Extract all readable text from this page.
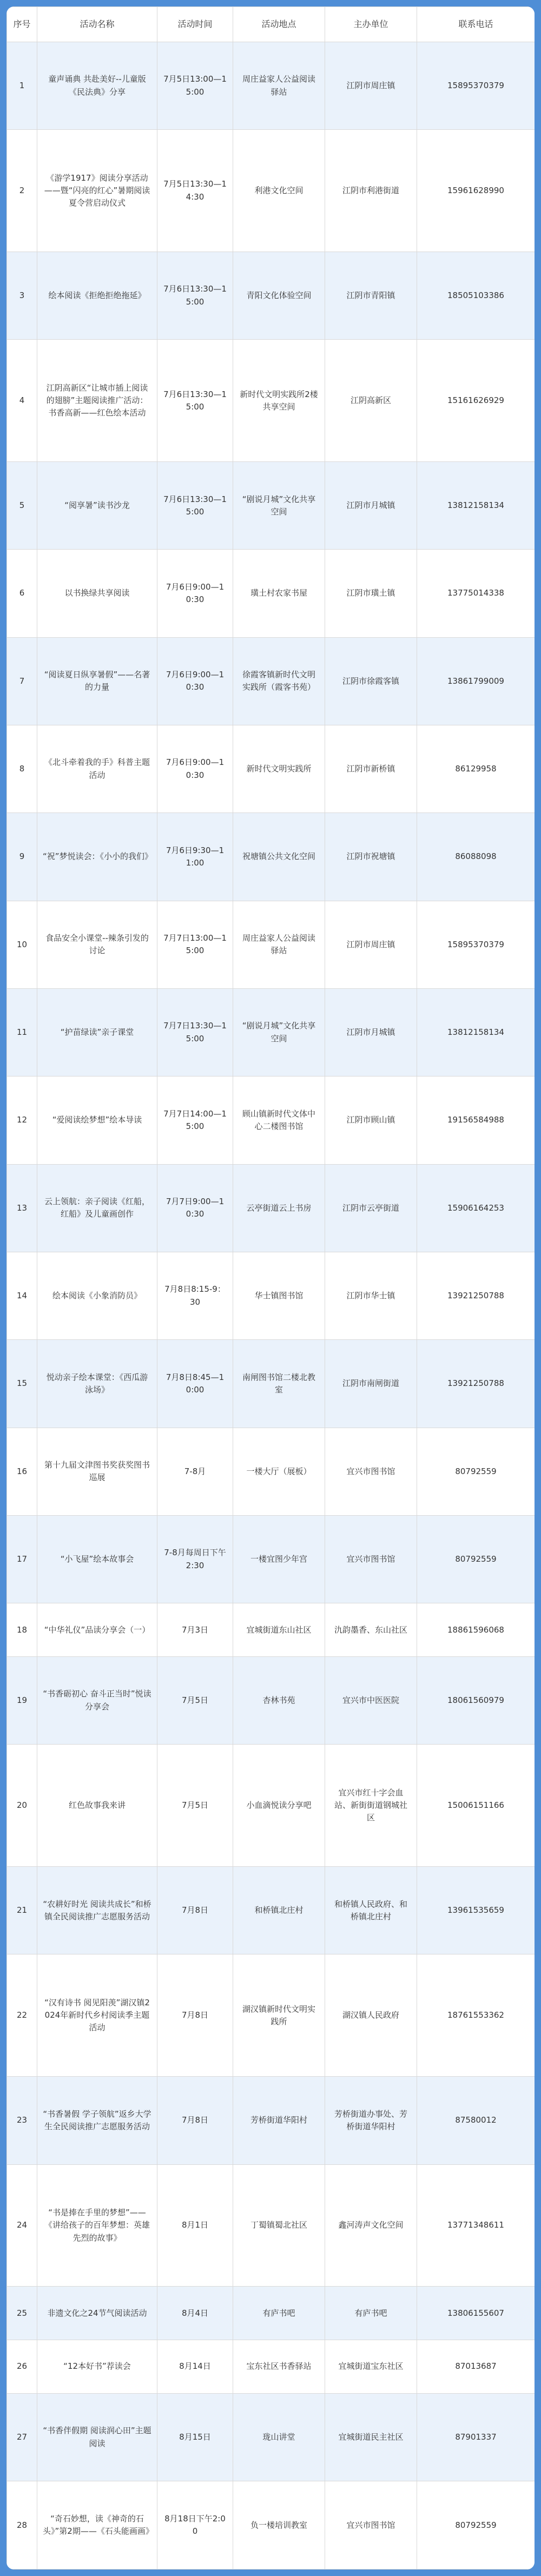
序号	活动名称	活动时间	活动地点	主办单位	联系电话
1	童声诵典 共赴美好--儿童版《民法典》分享	7月5日13:00—15:00	周庄益家人公益阅读驿站	江阴市周庄镇	15895370379
2	《游学1917》阅读分享活动——暨“闪亮的红心”暑期阅读夏令营启动仪式	7月5日13:30—14:30	利港文化空间	江阴市利港街道	15961628990
3	绘本阅读《拒绝拒绝拖延》	7月6日13:30—15:00	青阳文化体验空间	江阴市青阳镇	18505103386
4	江阴高新区“让城市插上阅读的翅膀”主题阅读推广活动：书香高新——红色绘本活动	7月6日13:30—15:00	新时代文明实践所2楼共享空间	江阴高新区	15161626929
5	“阅享暑”读书沙龙	7月6日13:30—15:00	“剧说月城”文化共享空间	江阴市月城镇	13812158134
6	以书换绿共享阅读	7月6日9:00—10:30	璜土村农家书屋	江阴市璜土镇	13775014338
7	“阅读夏日纵享暑假”——名著的力量	7月6日9:00—10:30	徐霞客镇新时代文明实践所（霞客书苑）	江阴市徐霞客镇	13861799009
8	《北斗牵着我的手》科普主题活动	7月6日9:00—10:30	新时代文明实践所	江阴市新桥镇	86129958
9	“祝”梦悦读会：《小小的我们》	7月6日9:30—11:00	祝塘镇公共文化空间	江阴市祝塘镇	86088098
10	食品安全小课堂--辣条引发的讨论	7月7日13:00—15:00	周庄益家人公益阅读驿站	江阴市周庄镇	15895370379
11	“护苗绿读”亲子课堂	7月7日13:30—15:00	“剧说月城”文化共享空间	江阴市月城镇	13812158134
12	“爱阅读绘梦想”绘本导读	7月7日14:00—15:00	顾山镇新时代文体中心二楼图书馆	江阴市顾山镇	19156584988
13	云上领航：亲子阅读《红船，红船》及儿童画创作	7月7日9:00—10:30	云亭街道云上书房	江阴市云亭街道	15906164253
14	绘本阅读《小象消防员》	7月8日8:15-9：30	华士镇图书馆	江阴市华士镇	13921250788
15	悦动亲子绘本课堂：《西瓜游泳场》	7月8日8:45—10:00	南闸图书馆二楼北教室	江阴市南闸街道	13921250788
16	第十九届文津图书奖获奖图书巡展	7-8月	一楼大厅（展板）	宜兴市图书馆	80792559
17	“小飞屋”绘本故事会	7-8月每周日下午2:30	一楼宜图少年宫	宜兴市图书馆	80792559
18	“中华礼仪”品读分享会（一）	7月3日	宜城街道东山社区	氿韵墨香、东山社区	18861596068
19	“书香砺初心 奋斗正当时”悦读分享会	7月5日	杏林书苑	宜兴市中医医院	18061560979
20	红色故事我来讲	7月5日	小血滴悦读分享吧	宜兴市红十字会血站、新街街道钢城社区	15006151166
21	“农耕好时光 阅读共成长”和桥镇全民阅读推广志愿服务活动	7月8日	和桥镇北庄村	和桥镇人民政府、和桥镇北庄村	13961535659
22	“汉有诗书 阅见阳羡”湖汉镇2024年新时代乡村阅读季主题活动	7月8日	湖汉镇新时代文明实践所	湖汉镇人民政府	18761553362
23	“书香暑假 学子领航”返乡大学生全民阅读推广志愿服务活动	7月8日	芳桥街道华阳村	芳桥街道办事处、芳桥街道华阳村	87580012
24	“书是捧在手里的梦想”——《讲给孩子的百年梦想：英雄先烈的故事》	8月1日	丁蜀镇蜀北社区	鑫河涛声文化空间	13771348611
25	非遗文化之24节气阅读活动	8月4日	有庐书吧	有庐书吧	13806155607
26	“12本好书”荐读会	8月14日	宝东社区书香驿站	宜城街道宝东社区	87013687
27	“书香伴假期 阅读润心田”主题阅读	8月15日	珑山讲堂	宜城街道民主社区	87901337
28	“奇石妙想，读《神奇的石头》”第2期——《石头能画画》	8月18日下午2:00	负一楼培训教室	宜兴市图书馆	80792559
